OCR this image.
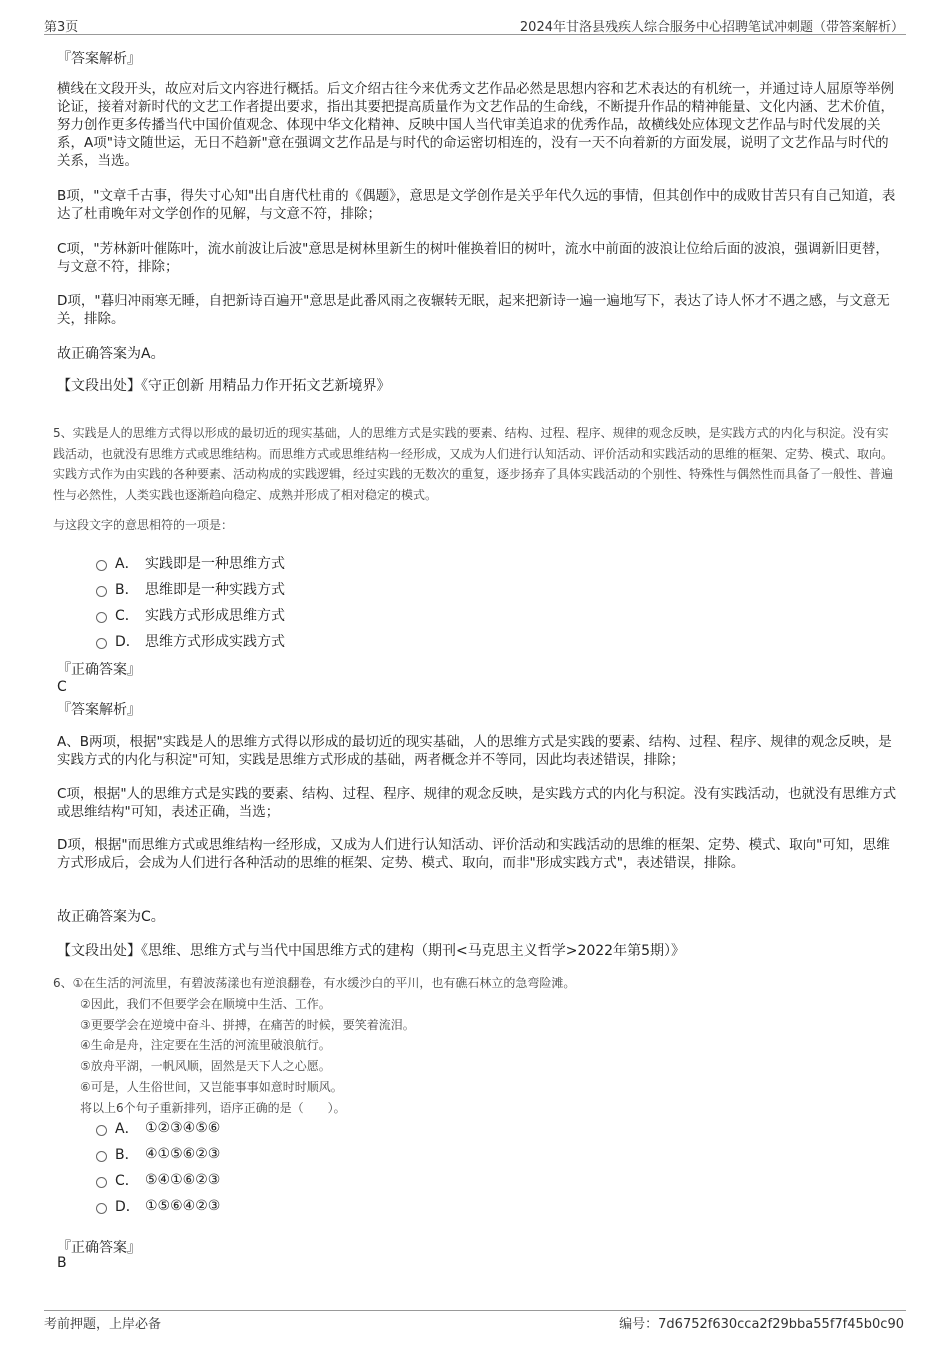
第3页	2024年甘洛县残疾人综合服务中心招聘笔试冲刺题（带答案解析）
『答案解析』

横线在文段开头，故应对后文内容进行概括。后文介绍古往今来优秀文艺作品必然是思想内容和艺术表达的有机统一，并通过诗人屈原等举例论证，接着对新时代的文艺工作者提出要求，指出其要把提高质量作为文艺作品的生命线，不断提升作品的精神能量、文化内涵、艺术价值，努力创作更多传播当代中国价值观念、体现中华文化精神、反映中国人当代审美追求的优秀作品，故横线处应体现文艺作品与时代发展的关系，A项"诗文随世运，无日不趋新"意在强调文艺作品是与时代的命运密切相连的，没有一天不向着新的方面发展，说明了文艺作品与时代的关系，当选。

B项，"文章千古事，得失寸心知"出自唐代杜甫的《偶题》，意思是文学创作是关乎年代久远的事情，但其创作中的成败甘苦只有自己知道，表达了杜甫晚年对文学创作的见解，与文意不符，排除；

C项，"芳林新叶催陈叶，流水前波让后波"意思是树林里新生的树叶催换着旧的树叶，流水中前面的波浪让位给后面的波浪，强调新旧更替，与文意不符，排除；

D项，"暮归冲雨寒无睡，自把新诗百遍开"意思是此番风雨之夜辗转无眠，起来把新诗一遍一遍地写下，表达了诗人怀才不遇之感，与文意无关，排除。

故正确答案为A。
【文段出处】《守正创新 用精品力作开拓文艺新境界》

5、实践是人的思维方式得以形成的最切近的现实基础，人的思维方式是实践的要素、结构、过程、程序、规律的观念反映，是实践方式的内化与积淀。没有实践活动，也就没有思维方式或思维结构。而思维方式或思维结构一经形成，又成为人们进行认知活动、评价活动和实践活动的思维的框架、定势、模式、取向。实践方式作为由实践的各种要素、活动构成的实践逻辑，经过实践的无数次的重复，逐步扬弃了具体实践活动的个别性、特殊性与偶然性而具备了一般性、普遍性与必然性，人类实践也逐渐趋向稳定、成熟并形成了相对稳定的模式。

与这段文字的意思相符的一项是：

A． 实践即是一种思维方式
B． 思维即是一种实践方式
C． 实践方式形成思维方式
D． 思维方式形成实践方式
『正确答案』
C
『答案解析』

A、B两项，根据"实践是人的思维方式得以形成的最切近的现实基础，人的思维方式是实践的要素、结构、过程、程序、规律的观念反映，是实践方式的内化与积淀"可知，实践是思维方式形成的基础，两者概念并不等同，因此均表述错误，排除；

C项，根据"人的思维方式是实践的要素、结构、过程、程序、规律的观念反映，是实践方式的内化与积淀。没有实践活动，也就没有思维方式或思维结构"可知，表述正确，当选；

D项，根据"而思维方式或思维结构一经形成，又成为人们进行认知活动、评价活动和实践活动的思维的框架、定势、模式、取向"可知，思维方式形成后，会成为人们进行各种活动的思维的框架、定势、模式、取向，而非"形成实践方式"，表述错误，排除。

故正确答案为C。
【文段出处】《思维、思维方式与当代中国思维方式的建构（期刊<马克思主义哲学>2022年第5期）》

6、①在生活的河流里，有碧波荡漾也有逆浪翻卷，有水缓沙白的平川，也有礁石林立的急弯险滩。

②因此，我们不但要学会在顺境中生活、工作。

③更要学会在逆境中奋斗、拼搏，在痛苦的时候，要笑着流泪。

④生命是舟，注定要在生活的河流里破浪航行。

⑤放舟平湖，一帆风顺，固然是天下人之心愿。

⑥可是，人生俗世间，又岂能事事如意时时顺风。

将以上6个句子重新排列，语序正确的是（　　）。

A． ①②③④⑤⑥
B． ④①⑤⑥②③
C． ⑤④①⑥②③
D． ①⑤⑥④②③
『正确答案』
B
考前押题，上岸必备	编号：7d6752f630cca2f29bba55f7f45b0c90
